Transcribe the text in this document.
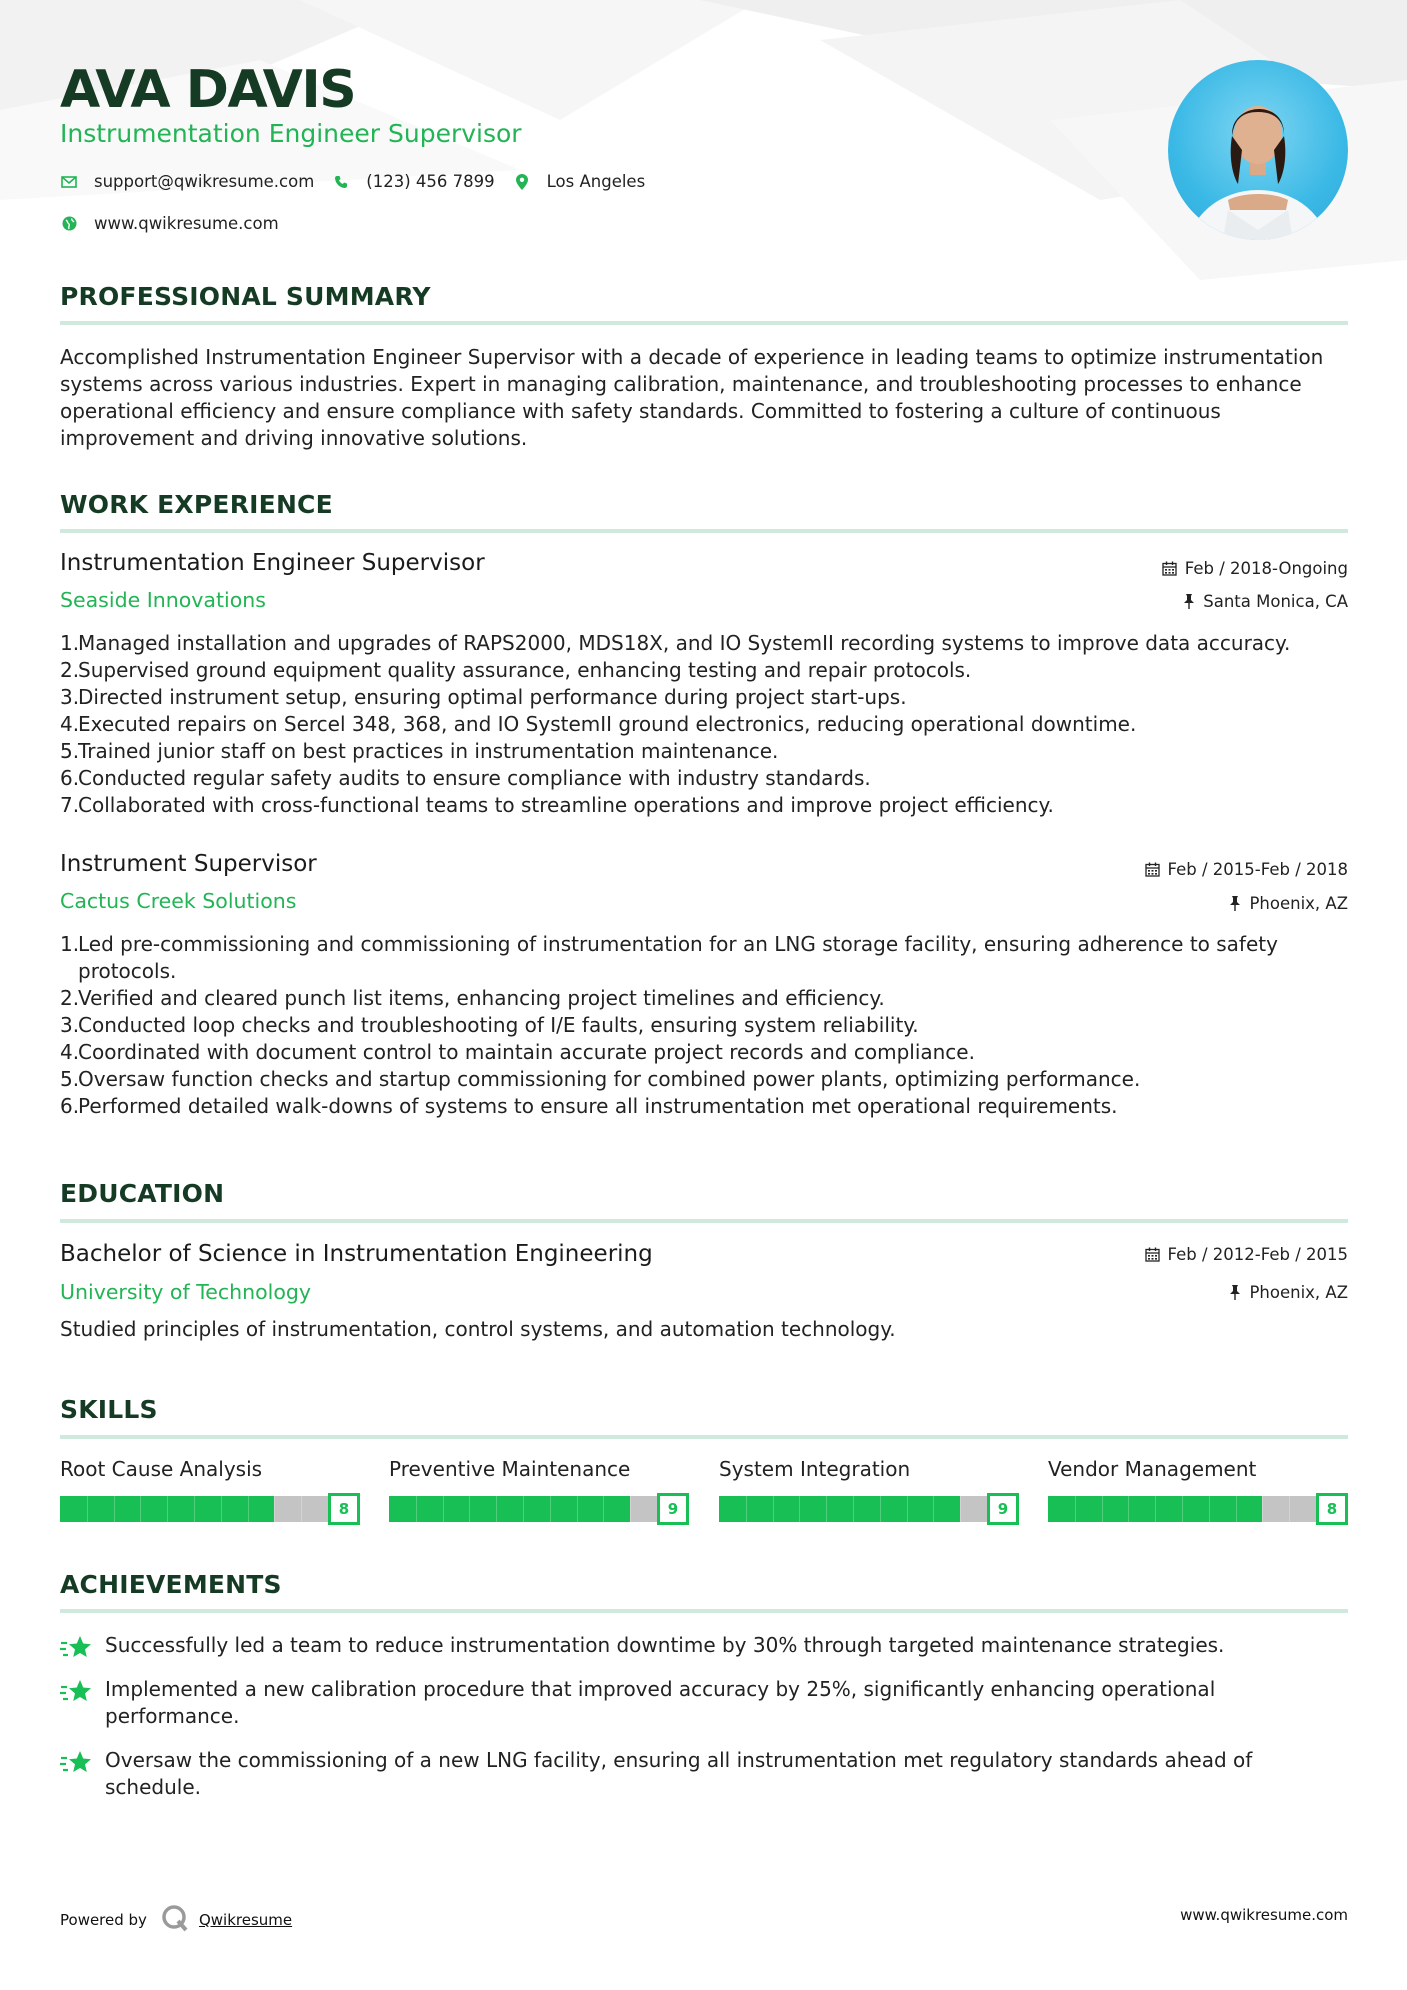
AVA DAVIS
Instrumentation Engineer Supervisor
support@qwikresume.com	(123) 456 7899	Los Angeles
www.qwikresume.com
PROFESSIONAL SUMMARY
Accomplished Instrumentation Engineer Supervisor with a decade of experience in leading teams to optimize instrumentation systems across various industries. Expert in managing calibration, maintenance, and troubleshooting processes to enhance operational efficiency and ensure compliance with safety standards. Committed to fostering a culture of continuous improvement and driving innovative solutions.
WORK EXPERIENCE
Instrumentation Engineer Supervisor	Feb / 2018-Ongoing
Seaside Innovations	Santa Monica, CA
1.
Managed installation and upgrades of RAPS2000, MDS18X, and IO SystemII recording systems to improve data accuracy.
2.
Supervised ground equipment quality assurance, enhancing testing and repair protocols.
3.
Directed instrument setup, ensuring optimal performance during project start-ups.
4.
Executed repairs on Sercel 348, 368, and IO SystemII ground electronics, reducing operational downtime.
5.
Trained junior staff on best practices in instrumentation maintenance.
6.
Conducted regular safety audits to ensure compliance with industry standards.
7.
Collaborated with cross-functional teams to streamline operations and improve project efficiency.
Instrument Supervisor	Feb / 2015-Feb / 2018
Cactus Creek Solutions	Phoenix, AZ
1.
Led pre-commissioning and commissioning of instrumentation for an LNG storage facility, ensuring adherence to safety protocols.
2.
Verified and cleared punch list items, enhancing project timelines and efficiency.
3.
Conducted loop checks and troubleshooting of I/E faults, ensuring system reliability.
4.
Coordinated with document control to maintain accurate project records and compliance.
5.
Oversaw function checks and startup commissioning for combined power plants, optimizing performance.
6.
Performed detailed walk-downs of systems to ensure all instrumentation met operational requirements.
EDUCATION
Bachelor of Science in Instrumentation Engineering	Feb / 2012-Feb / 2015
University of Technology	Phoenix, AZ
Studied principles of instrumentation, control systems, and automation technology.
SKILLS
Root Cause Analysis
8
Preventive Maintenance
9
System Integration
9
Vendor Management
8
ACHIEVEMENTS
Successfully led a team to reduce instrumentation downtime by 30% through targeted maintenance strategies.
Implemented a new calibration procedure that improved accuracy by 25%, significantly enhancing operational performance.
Oversaw the commissioning of a new LNG facility, ensuring all instrumentation met regulatory standards ahead of schedule.
Powered by	Qwikresume	www.qwikresume.com
